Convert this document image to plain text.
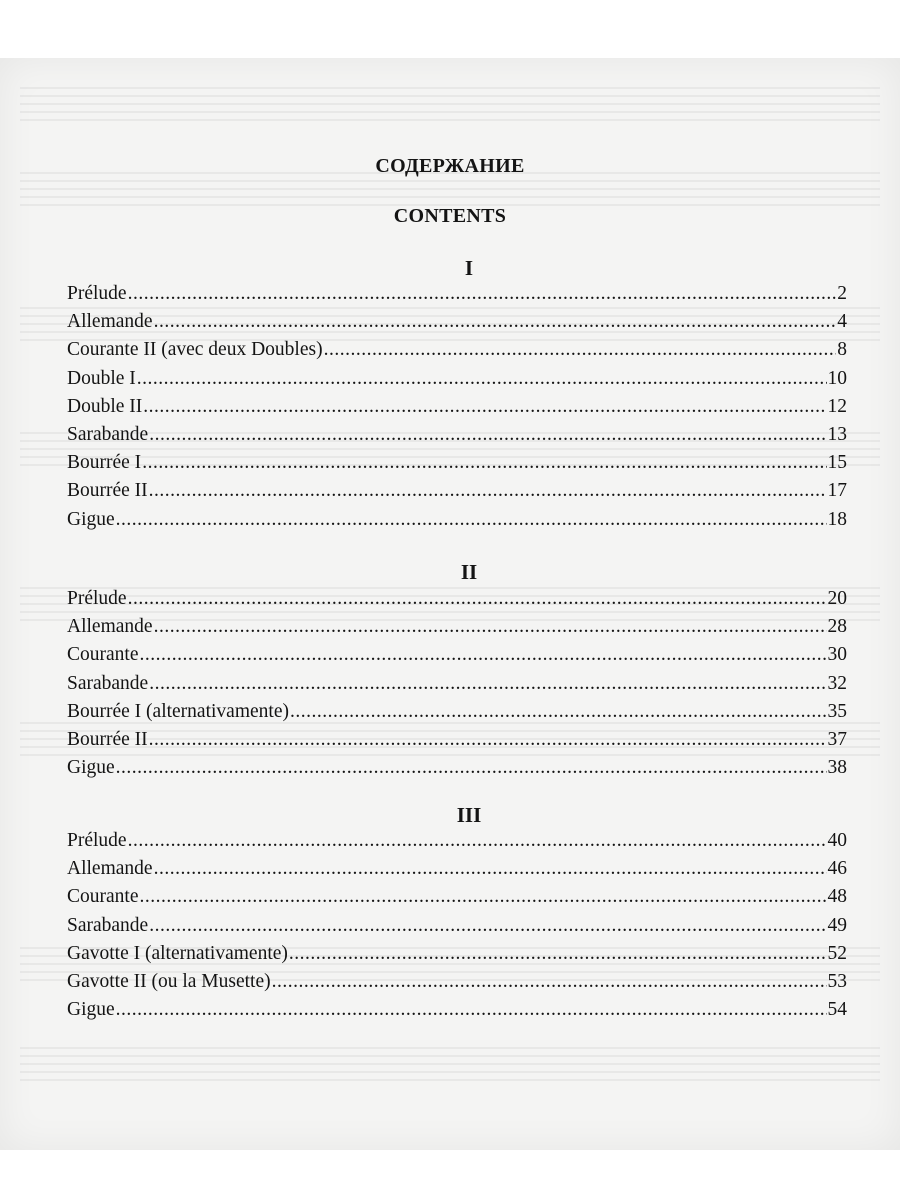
СОДЕРЖАНИЕ
CONTENTS
I
Prélude .....	2
Allemande .....	4
Courante II (avec deux Doubles) .....	8
Double I .....	10
Double II .....	12
Sarabande .....	13
Bourrée I .....	15
Bourrée II .....	17
Gigue .....	18
II
Prélude .....	20
Allemande .....	28
Courante .....	30
Sarabande .....	32
Bourrée I (alternativamente) .....	35
Bourrée II .....	37
Gigue .....	38
III
Prélude .....	40
Allemande .....	46
Courante .....	48
Sarabande .....	49
Gavotte I (alternativamente) .....	52
Gavotte II (ou la Musette) .....	53
Gigue .....	54
